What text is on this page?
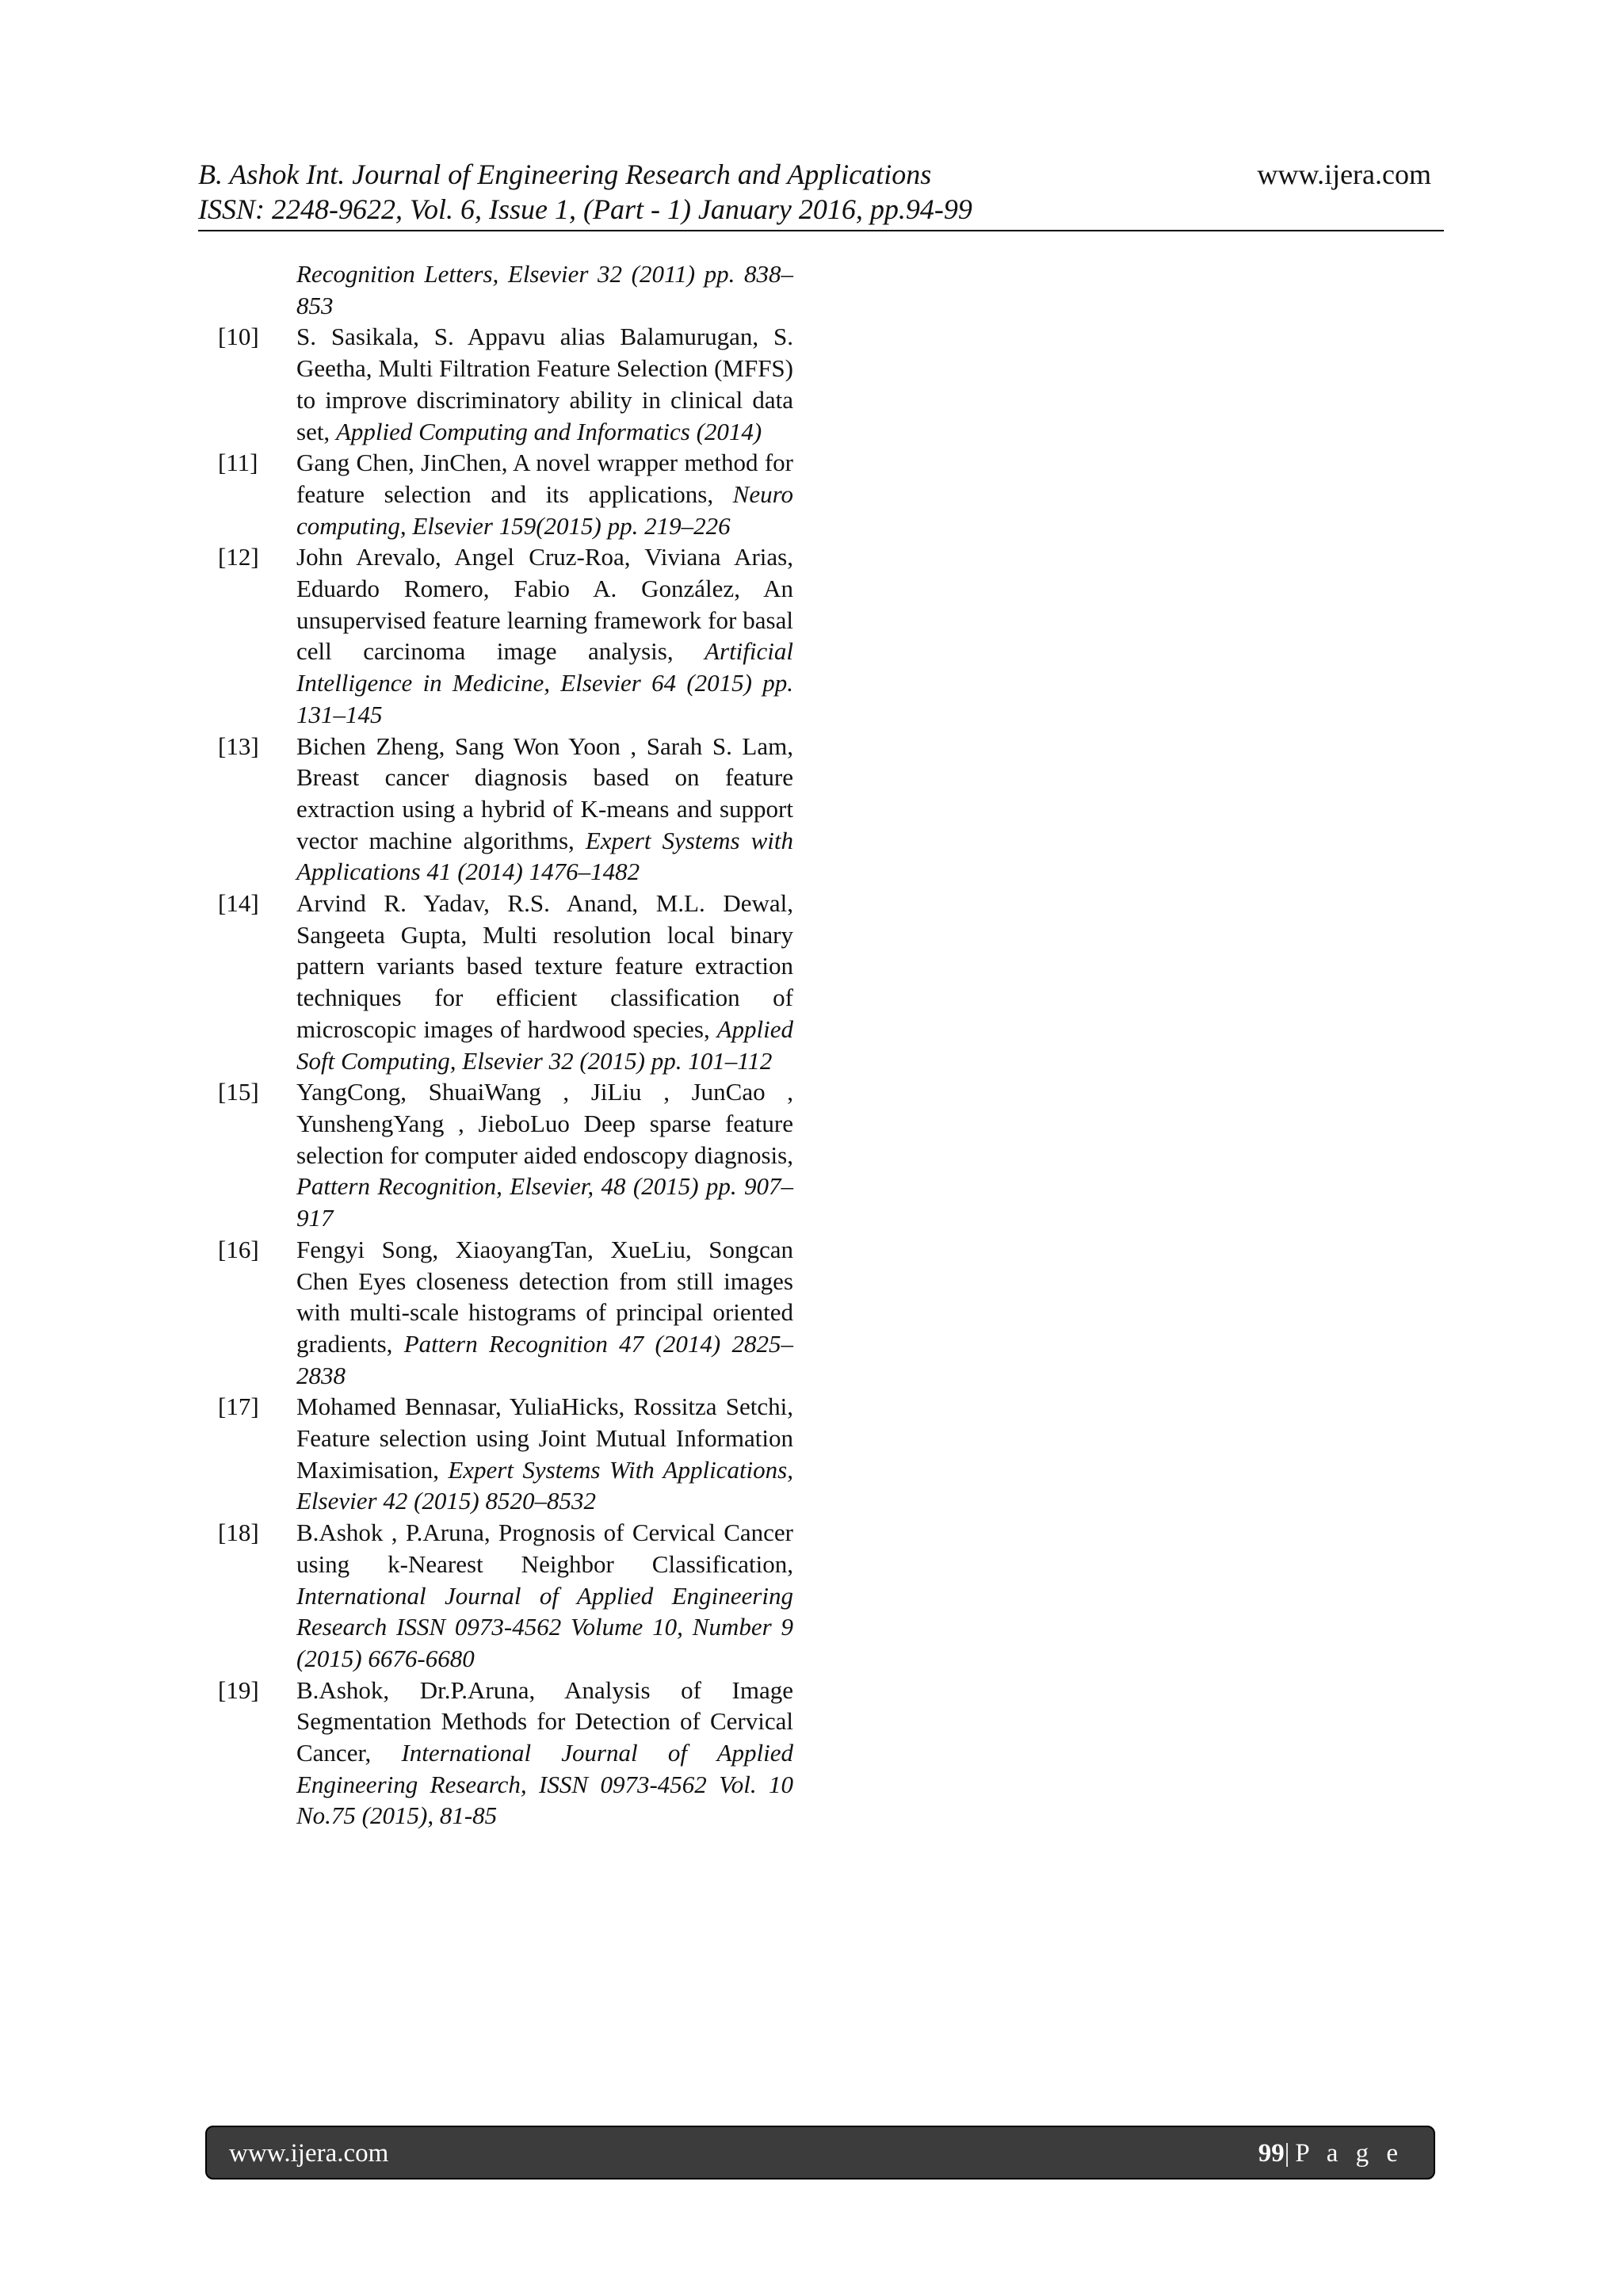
B. Ashok Int. Journal of Engineering Research and Applications	www.ijera.com
ISSN: 2248-9622, Vol. 6, Issue 1, (Part - 1) January 2016, pp.94-99
Recognition Letters, Elsevier 32 (2011) pp. 838–853
[10] S. Sasikala, S. Appavu alias Balamurugan, S. Geetha, Multi Filtration Feature Selection (MFFS) to improve discriminatory ability in clinical data set, Applied Computing and Informatics (2014)
[11] Gang Chen, JinChen, A novel wrapper method for feature selection and its applications, Neuro computing, Elsevier 159(2015) pp. 219–226
[12] John Arevalo, Angel Cruz-Roa, Viviana Arias, Eduardo Romero, Fabio A. González, An unsupervised feature learning framework for basal cell carcinoma image analysis, Artificial Intelligence in Medicine, Elsevier 64 (2015) pp. 131–145
[13] Bichen Zheng, Sang Won Yoon , Sarah S. Lam, Breast cancer diagnosis based on feature extraction using a hybrid of K-means and support vector machine algorithms, Expert Systems with Applications 41 (2014) 1476–1482
[14] Arvind R. Yadav, R.S. Anand, M.L. Dewal, Sangeeta Gupta, Multi resolution local binary pattern variants based texture feature extraction techniques for efficient classification of microscopic images of hardwood species, Applied Soft Computing, Elsevier 32 (2015) pp. 101–112
[15] YangCong, ShuaiWang , JiLiu , JunCao , YunshengYang , JieboLuo Deep sparse feature selection for computer aided endoscopy diagnosis, Pattern Recognition, Elsevier, 48 (2015) pp. 907–917
[16] Fengyi Song, XiaoyangTan, XueLiu, Songcan Chen Eyes closeness detection from still images with multi-scale histograms of principal oriented gradients, Pattern Recognition 47 (2014) 2825–2838
[17] Mohamed Bennasar, YuliaHicks, Rossitza Setchi, Feature selection using Joint Mutual Information Maximisation, Expert Systems With Applications, Elsevier 42 (2015) 8520–8532
[18] B.Ashok , P.Aruna, Prognosis of Cervical Cancer using k-Nearest Neighbor Classification, International Journal of Applied Engineering Research ISSN 0973-4562 Volume 10, Number 9 (2015) 6676-6680
[19] B.Ashok, Dr.P.Aruna, Analysis of Image Segmentation Methods for Detection of Cervical Cancer, International Journal of Applied Engineering Research, ISSN 0973-4562 Vol. 10 No.75 (2015), 81-85
www.ijera.com	99|P a g e
